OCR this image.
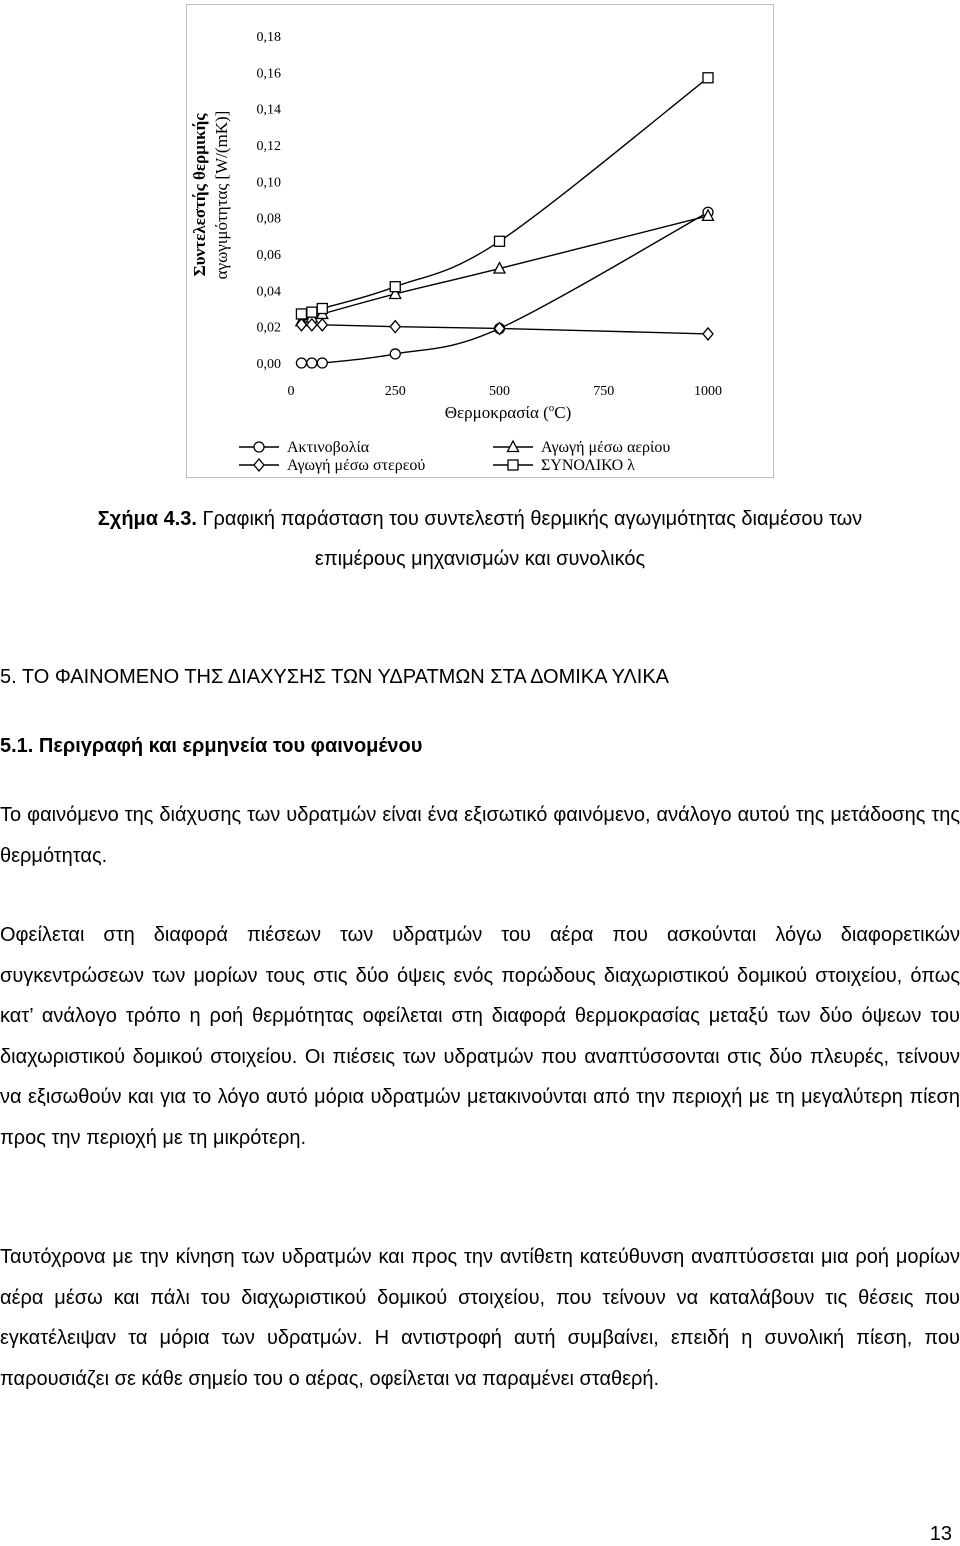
Συντελεστής θερμικής αγωγιμότητας [W/(mK)]
0,00
0,02
0,04
0,06
0,08
0,10
0,12
0,14
0,16
0,18
0	250	500	750	1000
Θερμοκρασία ($^o$C)
Ακτινοβολία	Αγωγή μέσω αερίου
Αγωγή μέσω στερεού	ΣΥΝΟΛΙΚΟ λ
Σχήμα 4.3. Γραφική παράσταση του συντελεστή θερμικής αγωγιμότητας διαμέσου των
επιμέρους μηχανισμών και συνολικός
5. ΤΟ ΦΑΙΝΟΜΕΝΟ ΤΗΣ ΔΙΑΧΥΣΗΣ ΤΩΝ ΥΔΡΑΤΜΩΝ ΣΤΑ ΔΟΜΙΚΑ ΥΛΙΚΑ
5.1. Περιγραφή και ερμηνεία του φαινομένου

Το φαινόμενο της διάχυσης των υδρατμών είναι ένα εξισωτικό φαινόμενο, ανάλογο αυτού της μετάδοσης της θερμότητας.

Οφείλεται στη διαφορά πιέσεων των υδρατμών του αέρα που ασκούνται λόγω διαφορετικών συγκεντρώσεων των μορίων τους στις δύο όψεις ενός πορώδους διαχωριστικού δομικού στοιχείου, όπως κατ’ ανάλογο τρόπο η ροή θερμότητας οφείλεται στη διαφορά θερμοκρασίας μεταξύ των δύο όψεων του διαχωριστικού δομικού στοιχείου. Οι πιέσεις των υδρατμών που αναπτύσσονται στις δύο πλευρές, τείνουν να εξισωθούν και για το λόγο αυτό μόρια υδρατμών μετακινούνται από την περιοχή με τη μεγαλύτερη πίεση προς την περιοχή με τη μικρότερη.

Ταυτόχρονα με την κίνηση των υδρατμών και προς την αντίθετη κατεύθυνση αναπτύσσεται μια ροή μορίων αέρα μέσω και πάλι του διαχωριστικού δομικού στοιχείου, που τείνουν να καταλάβουν τις θέσεις που εγκατέλειψαν τα μόρια των υδρατμών. Η αντιστροφή αυτή συμβαίνει, επειδή η συνολική πίεση, που παρουσιάζει σε κάθε σημείο του ο αέρας, οφείλεται να παραμένει σταθερή.

13
